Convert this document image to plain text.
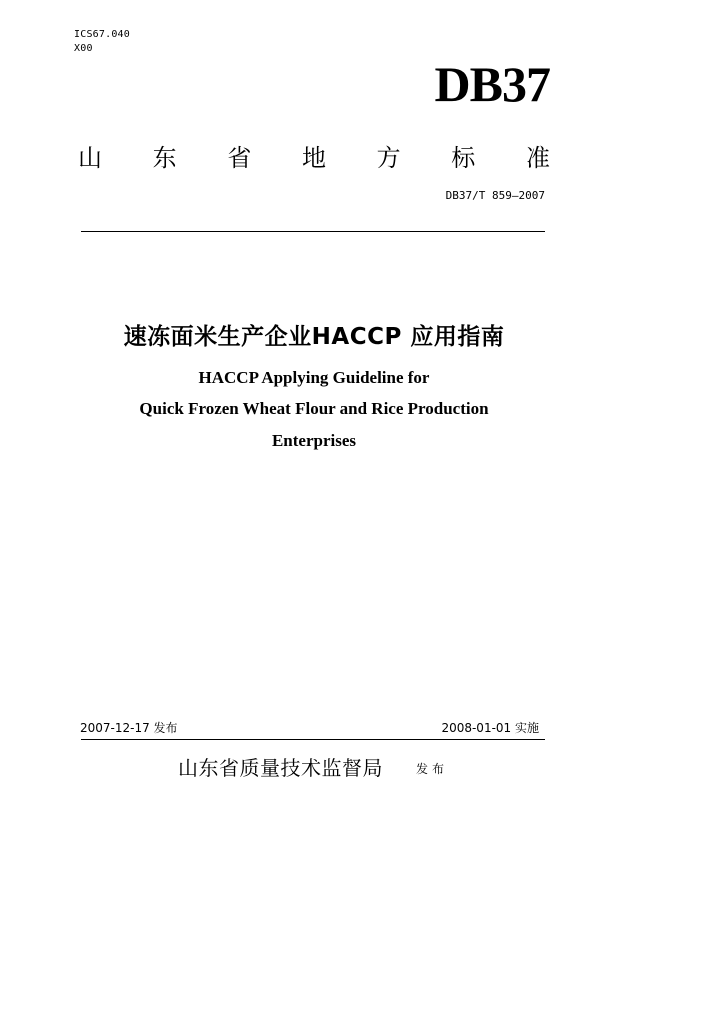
ICS67.040
X00
DB37
山 东 省 地 方 标 准
DB37/T 859—2007
速冻面米生产企业HACCP 应用指南
HACCP Applying Guideline for
Quick Frozen Wheat Flour and Rice Production
Enterprises
2007-12-17 发布	2008-01-01 实施
山东省质量技术监督局	发布
